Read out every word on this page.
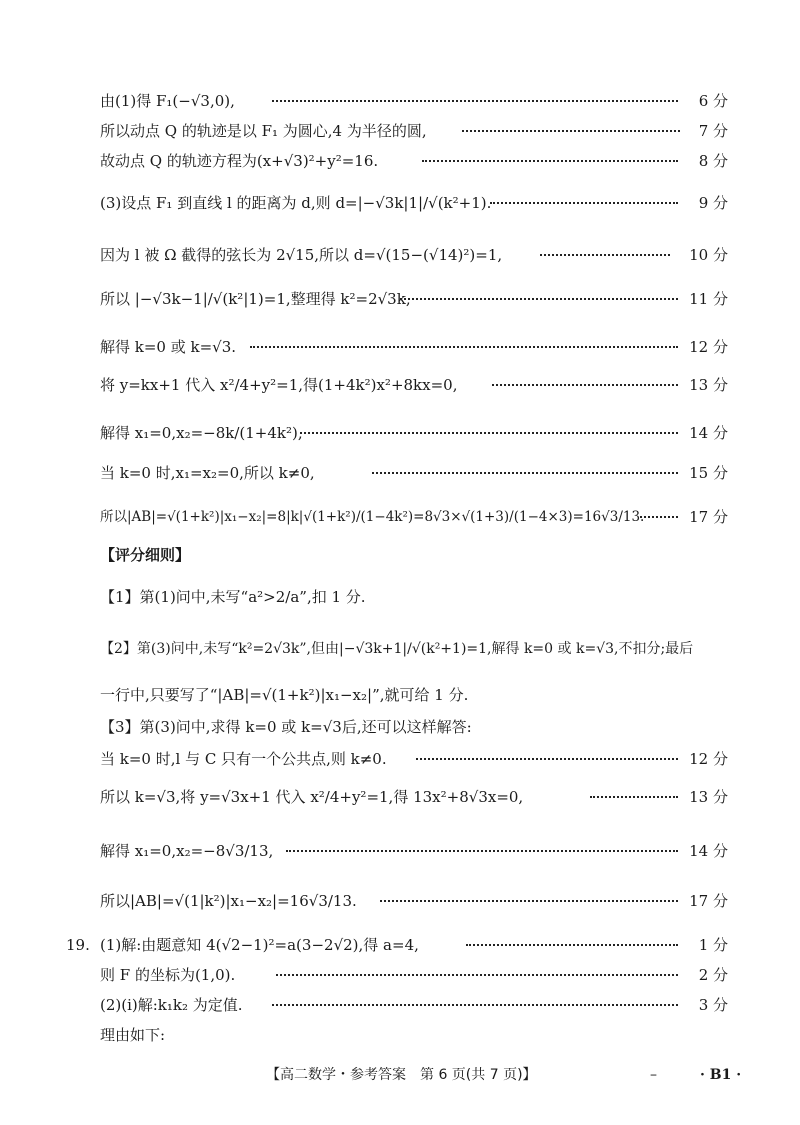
由(1)得 F₁(−√3,0),	6 分
所以动点 Q 的轨迹是以 F₁ 为圆心,4 为半径的圆,	7 分
故动点 Q 的轨迹方程为(x+√3)²+y²=16.	8 分
(3)设点 F₁ 到直线 l 的距离为 d,则 d=|−√3k|1|/√(k²+1).	9 分
因为 l 被 Ω 截得的弦长为 2√15,所以 d=√(15−(√14)²)=1,	10 分
所以 |−√3k−1|/√(k²|1)=1,整理得 k²=2√3k,	11 分
解得 k=0 或 k=√3.	12 分
将 y=kx+1 代入 x²/4+y²=1,得(1+4k²)x²+8kx=0,	13 分
解得 x₁=0,x₂=−8k/(1+4k²),	14 分
当 k=0 时,x₁=x₂=0,所以 k≠0,	15 分
所以|AB|=√(1+k²)|x₁−x₂|=8|k|√(1+k²)/(1−4k²)=8√3×√(1+3)/(1−4×3)=16√3/13.	17 分
【评分细则】
【1】第(1)问中,未写“a²>2/a”,扣 1 分.
【2】第(3)问中,未写“k²=2√3k”,但由|−√3k+1|/√(k²+1)=1,解得 k=0 或 k=√3,不扣分;最后
一行中,只要写了“|AB|=√(1+k²)|x₁−x₂|”,就可给 1 分.
【3】第(3)问中,求得 k=0 或 k=√3后,还可以这样解答:
当 k=0 时,l 与 C 只有一个公共点,则 k≠0.	12 分
所以 k=√3,将 y=√3x+1 代入 x²/4+y²=1,得 13x²+8√3x=0,	13 分
解得 x₁=0,x₂=−8√3/13,	14 分
所以|AB|=√(1|k²)|x₁−x₂|=16√3/13.	17 分
19. (1)解:由题意知 4(√2−1)²=a(3−2√2),得 a=4,	1 分
则 F 的坐标为(1,0).	2 分
(2)(ⅰ)解:k₁k₂ 为定值.	3 分
理由如下:
【高二数学・参考答案　第 6 页(共 7 页)】	–	· B1 ·
